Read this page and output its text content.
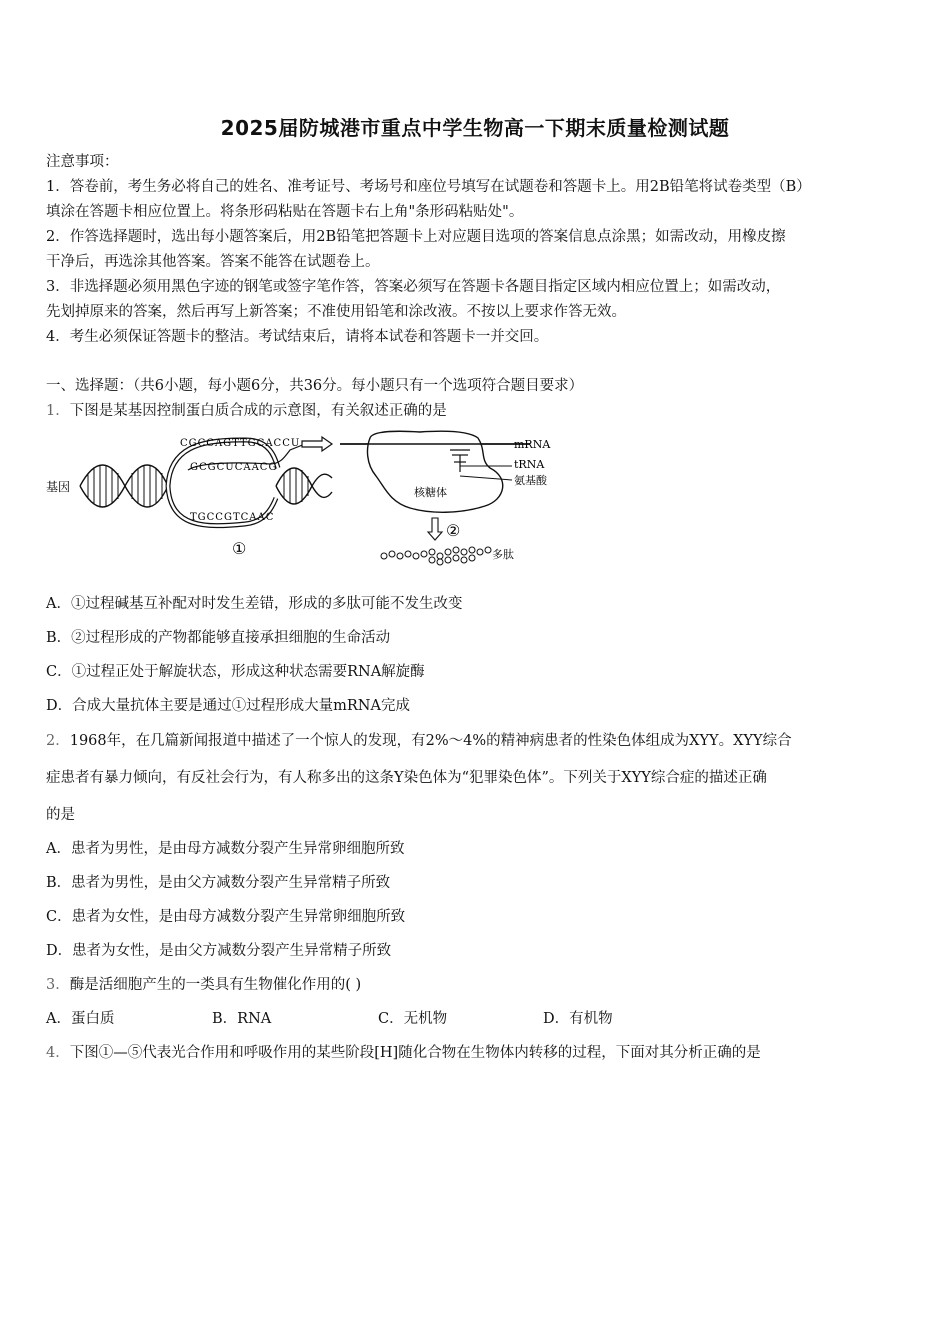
2025届防城港市重点中学生物高一下期末质量检测试题
注意事项：
1．答卷前，考生务必将自己的姓名、准考证号、考场号和座位号填写在试题卷和答题卡上。用2B铅笔将试卷类型（B）
填涂在答题卡相应位置上。将条形码粘贴在答题卡右上角"条形码粘贴处"。
2．作答选择题时，选出每小题答案后，用2B铅笔把答题卡上对应题目选项的答案信息点涂黑；如需改动，用橡皮擦
干净后，再选涂其他答案。答案不能答在试题卷上。
3．非选择题必须用黑色字迹的钢笔或签字笔作答，答案必须写在答题卡各题目指定区域内相应位置上；如需改动，
先划掉原来的答案，然后再写上新答案；不准使用铅笔和涂改液。不按以上要求作答无效。
4．考生必须保证答题卡的整洁。考试结束后，请将本试卷和答题卡一并交回。
一、选择题：（共6小题，每小题6分，共36分。每小题只有一个选项符合题目要求）
1．下图是某基因控制蛋白质合成的示意图，有关叙述正确的是
基因
CGCCAGTTGCACCU
GCGCUCAACG
TGCCGTCAAC
①
mRNA
tRNA
氨基酸
核糖体
②
多肽
A．①过程碱基互补配对时发生差错，形成的多肽可能不发生改变
B．②过程形成的产物都能够直接承担细胞的生命活动
C．①过程正处于解旋状态，形成这种状态需要RNA解旋酶
D．合成大量抗体主要是通过①过程形成大量mRNA完成
2．1968年，在几篇新闻报道中描述了一个惊人的发现，有2%～4%的精神病患者的性染色体组成为XYY。XYY综合
症患者有暴力倾向，有反社会行为，有人称多出的这条Y染色体为“犯罪染色体”。下列关于XYY综合症的描述正确
的是
A．患者为男性，是由母方减数分裂产生异常卵细胞所致
B．患者为男性，是由父方减数分裂产生异常精子所致
C．患者为女性，是由母方减数分裂产生异常卵细胞所致
D．患者为女性，是由父方减数分裂产生异常精子所致
3．酶是活细胞产生的一类具有生物催化作用的( )
A．蛋白质	B．RNA	C．无机物	D．有机物
4．下图①—⑤代表光合作用和呼吸作用的某些阶段[H]随化合物在生物体内转移的过程，下面对其分析正确的是
